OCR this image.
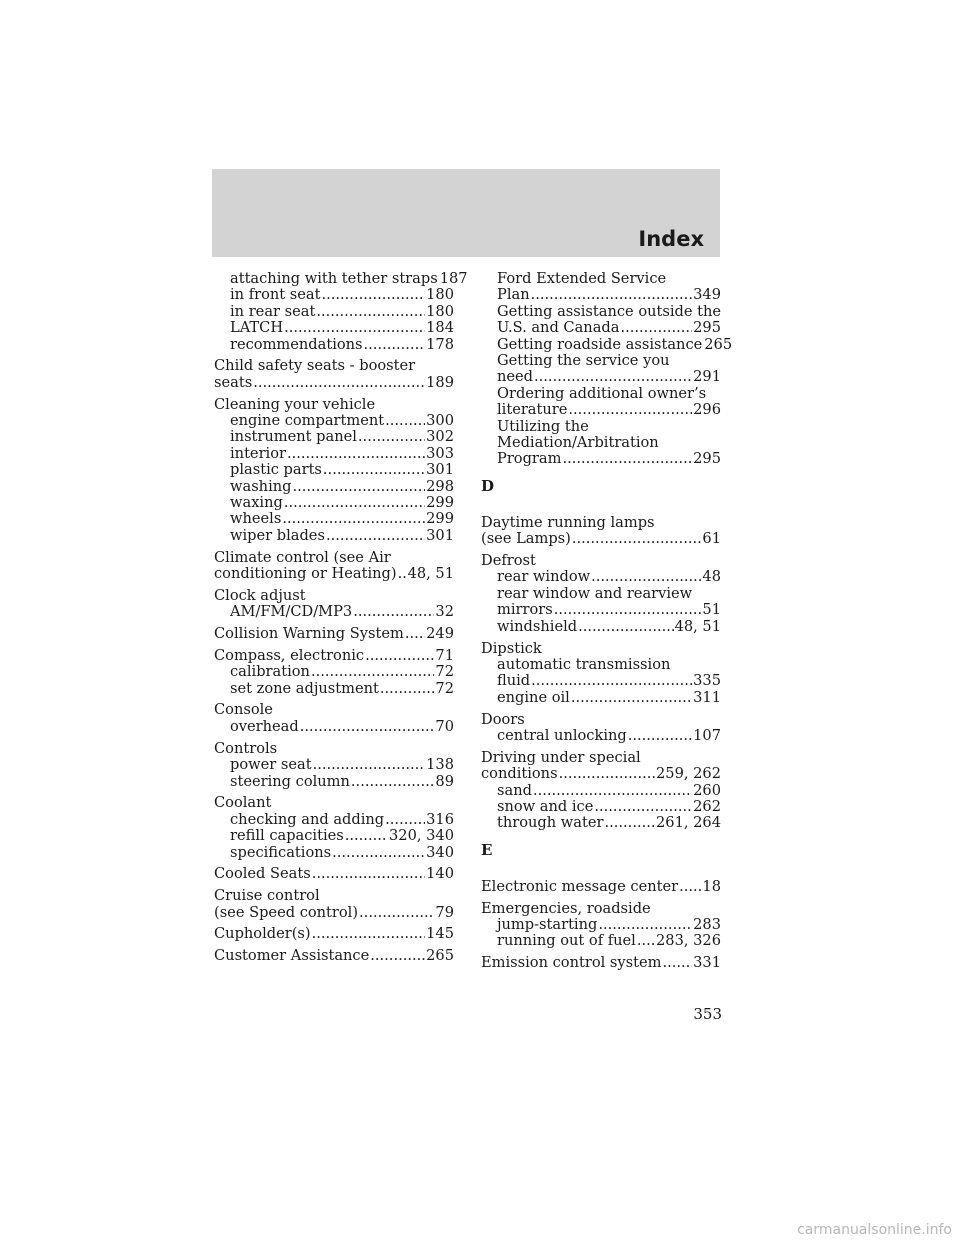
Index
attaching with tether straps 187
in front seat .....	180
in rear seat .....	180
LATCH .....	184
recommendations .....	178
Child safety seats - booster
seats .....	189
Cleaning your vehicle
engine compartment .....	300
instrument panel .....	302
interior .....	303
plastic parts .....	301
washing .....	298
waxing .....	299
wheels .....	299
wiper blades .....	301
Climate control (see Air
conditioning or Heating) ..... 48, 51
Clock adjust
AM/FM/CD/MP3 .....	32
Collision Warning System ..... 249
Compass, electronic .....	71
calibration .....	72
set zone adjustment .....	72
Console
overhead .....	70
Controls
power seat .....	138
steering column .....	89
Coolant
checking and adding .....	316
refill capacities .....	320, 340
specifications .....	340
Cooled Seats .....	140
Cruise control
(see Speed control) .....	79
Cupholder(s) .....	145
Customer Assistance .....	265
Ford Extended Service
Plan .....	349
Getting assistance outside the
U.S. and Canada .....	295
Getting roadside assistance 265
Getting the service you
need .....	291
Ordering additional owner’s
literature .....	296
Utilizing the
Mediation/Arbitration
Program .....	295
D
Daytime running lamps
(see Lamps) .....	61
Defrost
rear window .....	48
rear window and rearview
mirrors .....	51
windshield .....	48, 51
Dipstick
automatic transmission
fluid .....	335
engine oil .....	311
Doors
central unlocking .....	107
Driving under special
conditions .....	259, 262
sand .....	260
snow and ice .....	262
through water .....	261, 264
E
Electronic message center ..... 18
Emergencies, roadside
jump-starting .....	283
running out of fuel ..... 283, 326
Emission control system ..... 331
353
carmanualsonline.info
